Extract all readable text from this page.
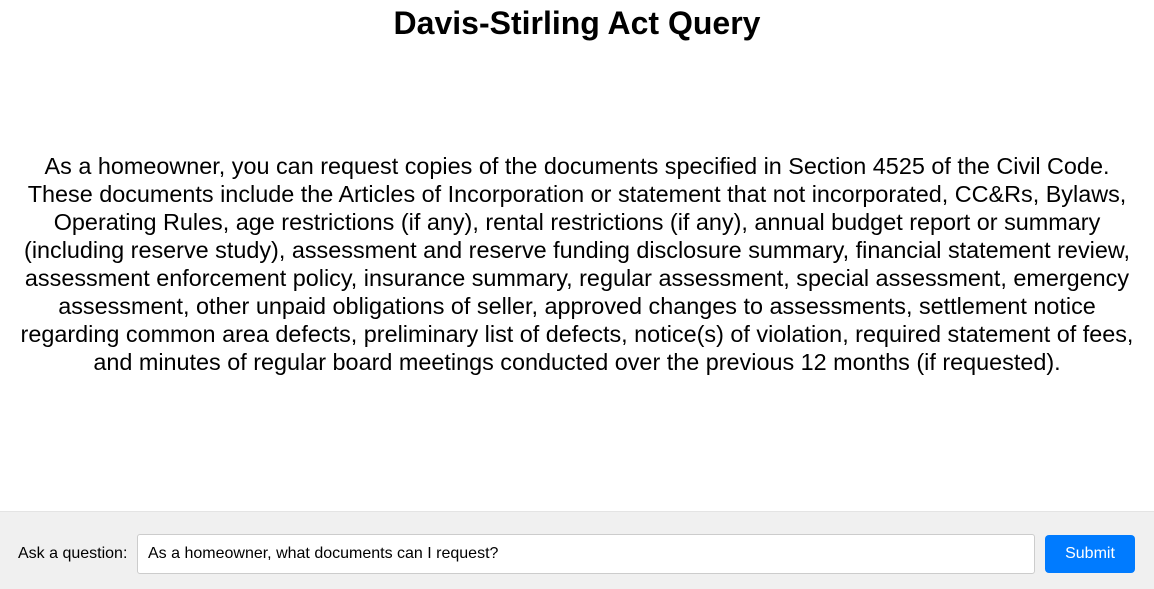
Davis-Stirling Act Query

As a homeowner, you can request copies of the documents specified in Section 4525 of the Civil Code. These documents include the Articles of Incorporation or statement that not incorporated, CC&Rs, Bylaws, Operating Rules, age restrictions (if any), rental restrictions (if any), annual budget report or summary (including reserve study), assessment and reserve funding disclosure summary, financial statement review, assessment enforcement policy, insurance summary, regular assessment, special assessment, emergency assessment, other unpaid obligations of seller, approved changes to assessments, settlement notice regarding common area defects, preliminary list of defects, notice(s) of violation, required statement of fees, and minutes of regular board meetings conducted over the previous 12 months (if requested).

Ask a question:
As a homeowner, what documents can I request?	Submit
